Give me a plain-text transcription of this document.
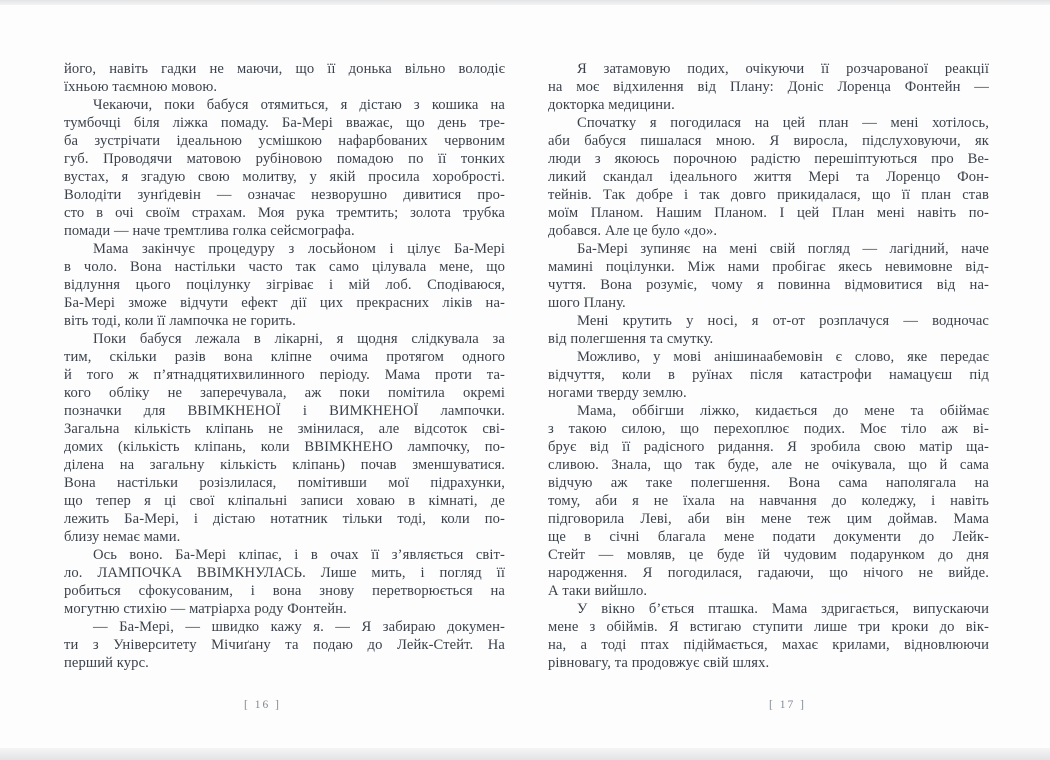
його, навіть гадки не маючи, що її донька вільно володіє
їхньою таємною мовою.
Чекаючи, поки бабуся отямиться, я дістаю з кошика на
тумбочці біля ліжка помаду. Ба-Мері вважає, що день тре-
ба зустрічати ідеальною усмішкою нафарбованих червоним
губ. Проводячи матовою рубіновою помадою по її тонких
вустах, я згадую свою молитву, у якій просила хоробрості.
Володіти зунґідевін — означає незворушно дивитися про-
сто в очі своїм страхам. Моя рука тремтить; золота трубка
помади — наче тремтлива голка сейсмографа.
Мама закінчує процедуру з лосьйоном і цілує Ба-Мері
в чоло. Вона настільки часто так само цілувала мене, що
відлуння цього поцілунку зігріває і мій лоб. Сподіваюся,
Ба-Мері зможе відчути ефект дії цих прекрасних ліків на-
віть тоді, коли її лампочка не горить.
Поки бабуся лежала в лікарні, я щодня слідкувала за
тим, скільки разів вона кліпне очима протягом одного
й того ж п’ятнадцятихвилинного періоду. Мама проти та-
кого обліку не заперечувала, аж поки помітила окремі
позначки для ВВІМКНЕНОЇ і ВИМКНЕНОЇ лампочки.
Загальна кількість кліпань не змінилася, але відсоток сві-
домих (кількість кліпань, коли ВВІМКНЕНО лампочку, по-
ділена на загальну кількість кліпань) почав зменшуватися.
Вона настільки розізлилася, помітивши мої підрахунки,
що тепер я ці свої кліпальні записи ховаю в кімнаті, де
лежить Ба-Мері, і дістаю нотатник тільки тоді, коли по-
близу немає мами.
Ось воно. Ба-Мері кліпає, і в очах її з’являється світ-
ло. ЛАМПОЧКА ВВІМКНУЛАСЬ. Лише мить, і погляд її
робиться сфокусованим, і вона знову перетворюється на
могутню стихію — матріарха роду Фонтейн.
— Ба-Мері, — швидко кажу я. — Я забираю докумен-
ти з Університету Мічиґану та подаю до Лейк-Стейт. На
перший курс.
[ 16 ]
Я затамовую подих, очікуючи її розчарованої реакції
на моє відхилення від Плану: Доніс Лоренца Фонтейн —
докторка медицини.
Спочатку я погодилася на цей план — мені хотілось,
аби бабуся пишалася мною. Я виросла, підслуховуючи, як
люди з якоюсь порочною радістю перешіптуються про Ве-
ликий скандал ідеального життя Мері та Лоренцо Фон-
тейнів. Так добре і так довго прикидалася, що її план став
моїм Планом. Нашим Планом. І цей План мені навіть по-
добався. Але це було «до».
Ба-Мері зупиняє на мені свій погляд — лагідний, наче
мамині поцілунки. Між нами пробігає якесь невимовне від-
чуття. Вона розуміє, чому я повинна відмовитися від на-
шого Плану.
Мені крутить у носі, я от-от розплачуся — водночас
від полегшення та смутку.
Можливо, у мові анішинаабемовін є слово, яке передає
відчуття, коли в руїнах після катастрофи намацуєш під
ногами тверду землю.
Мама, оббігши ліжко, кидається до мене та обіймає
з такою силою, що перехоплює подих. Моє тіло аж ві-
брує від її радісного ридання. Я зробила свою матір ща-
сливою. Знала, що так буде, але не очікувала, що й сама
відчую аж таке полегшення. Вона сама наполягала на
тому, аби я не їхала на навчання до коледжу, і навіть
підговорила Леві, аби він мене теж цим доймав. Мама
ще в січні благала мене подати документи до Лейк-
Стейт — мовляв, це буде їй чудовим подарунком до дня
народження. Я погодилася, гадаючи, що нічого не вийде.
А таки вийшло.
У вікно б’ється пташка. Мама здригається, випускаючи
мене з обіймів. Я встигаю ступити лише три кроки до вік-
на, а тоді птах підіймається, махає крилами, відновлюючи
рівновагу, та продовжує свій шлях.
[ 17 ]
